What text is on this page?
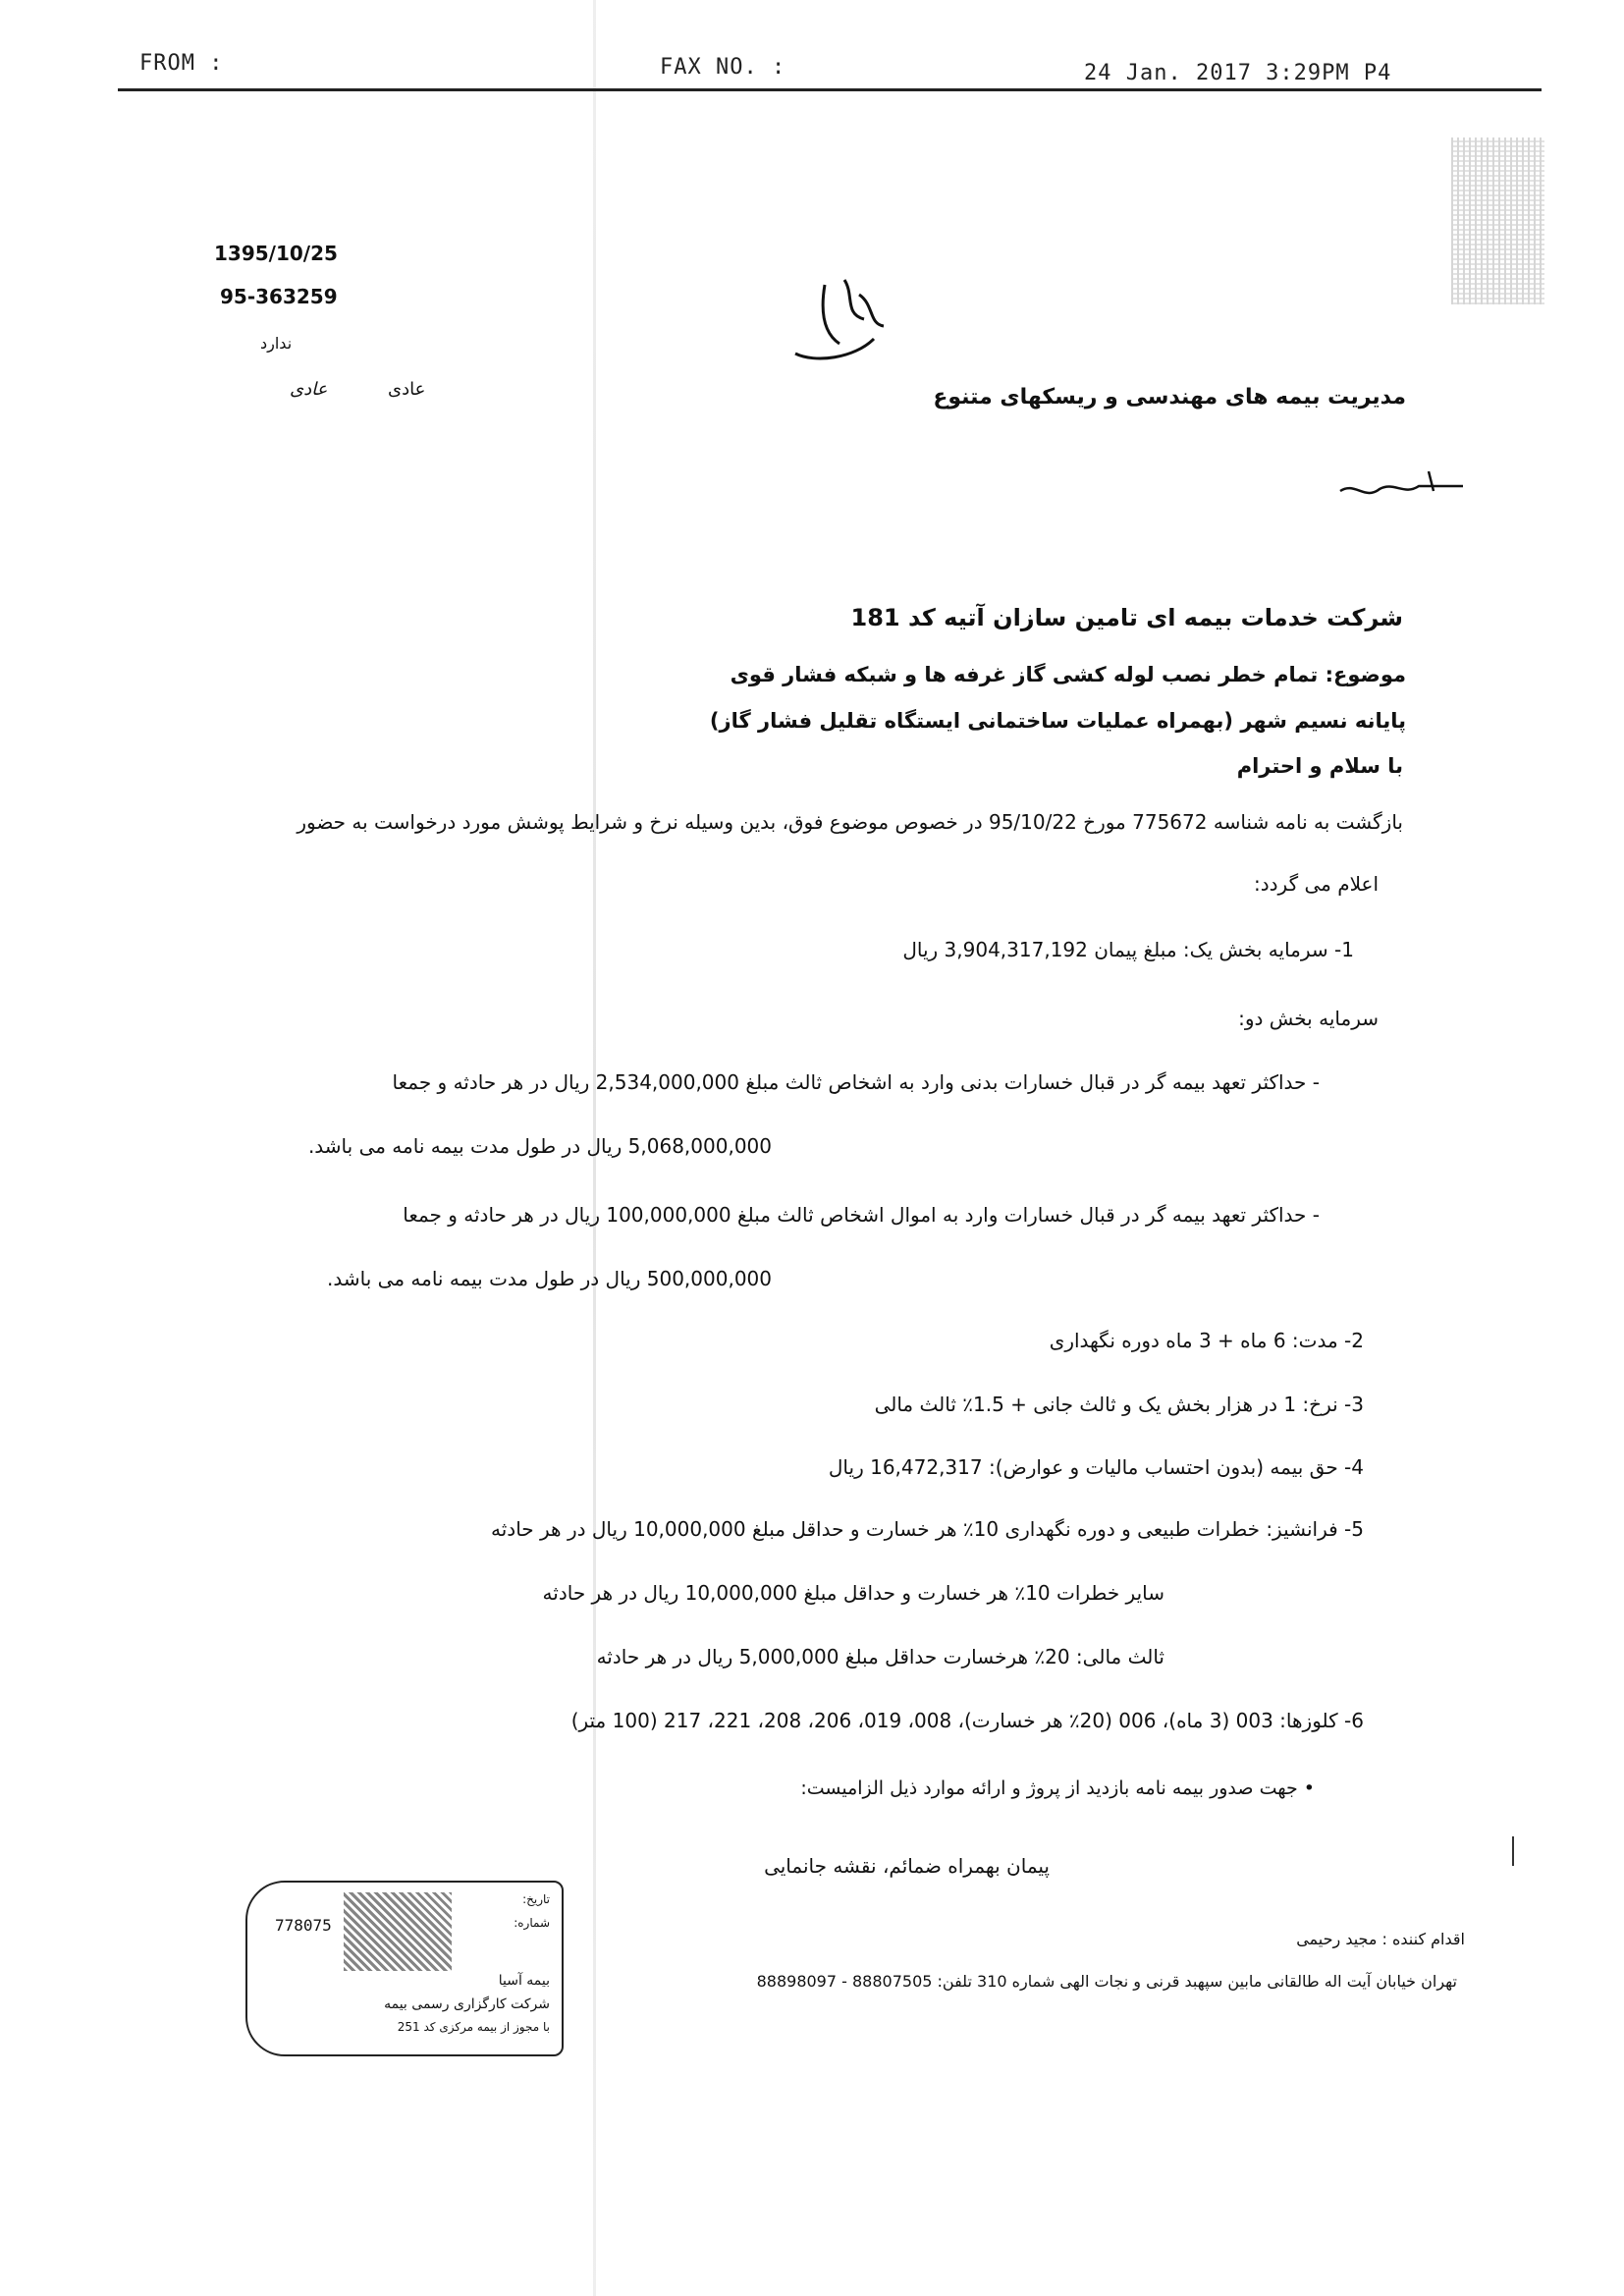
FROM :	FAX NO. :	24 Jan. 2017 3:29PM P4
1395/10/25
95-363259
ندارد
عادی	عادی	مدیریت بیمه های مهندسی و ریسکهای متنوع
شرکت خدمات بیمه ای تامین سازان آتیه کد 181
موضوع: تمام خطر نصب لوله کشی گاز غرفه ها و شبکه فشار قوی
پایانه نسیم شهر (بهمراه عملیات ساختمانی ایستگاه تقلیل فشار گاز)
با سلام و احترام
بازگشت به نامه شناسه 775672 مورخ 95/10/22 در خصوص موضوع فوق، بدین وسیله نرخ و شرایط پوشش مورد درخواست به حضور
اعلام می گردد:
1- سرمایه بخش یک: مبلغ پیمان 3,904,317,192 ریال
سرمایه بخش دو:
- حداکثر تعهد بیمه گر در قبال خسارات بدنی وارد به اشخاص ثالث مبلغ 2,534,000,000 ریال در هر حادثه و جمعا
5,068,000,000 ریال در طول مدت بیمه نامه می باشد.
- حداکثر تعهد بیمه گر در قبال خسارات وارد به اموال اشخاص ثالث مبلغ 100,000,000 ریال در هر حادثه و جمعا
500,000,000 ریال در طول مدت بیمه نامه می باشد.
2- مدت: 6 ماه + 3 ماه دوره نگهداری
3- نرخ: 1 در هزار بخش یک و ثالث جانی + 1.5٪ ثالث مالی
4- حق بیمه (بدون احتساب مالیات و عوارض): 16,472,317 ریال
5- فرانشیز: خطرات طبیعی و دوره نگهداری 10٪ هر خسارت و حداقل مبلغ 10,000,000 ریال در هر حادثه
سایر خطرات 10٪ هر خسارت و حداقل مبلغ 10,000,000 ریال در هر حادثه
ثالث مالی: 20٪ هرخسارت حداقل مبلغ 5,000,000 ریال در هر حادثه
6- کلوزها: 003 (3 ماه)، 006 (20٪ هر خسارت)، 008، 019، 206، 208، 221، 217 (100 متر)
• جهت صدور بیمه نامه بازدید از پروژ و ارائه موارد ذیل الزامیست:
پیمان بهمراه ضمائم، نقشه جانمایی
اقدام کننده : مجید رحیمی
تهران خیابان آیت اله طالقانی مابین سپهبد قرنی و نجات الهی شماره 310 تلفن: 88807505 - 88898097
778075
تاریخ:
شماره:
بیمه آسیا
شرکت کارگزاری رسمی بیمه
با مجوز از بیمه مرکزی کد 251
